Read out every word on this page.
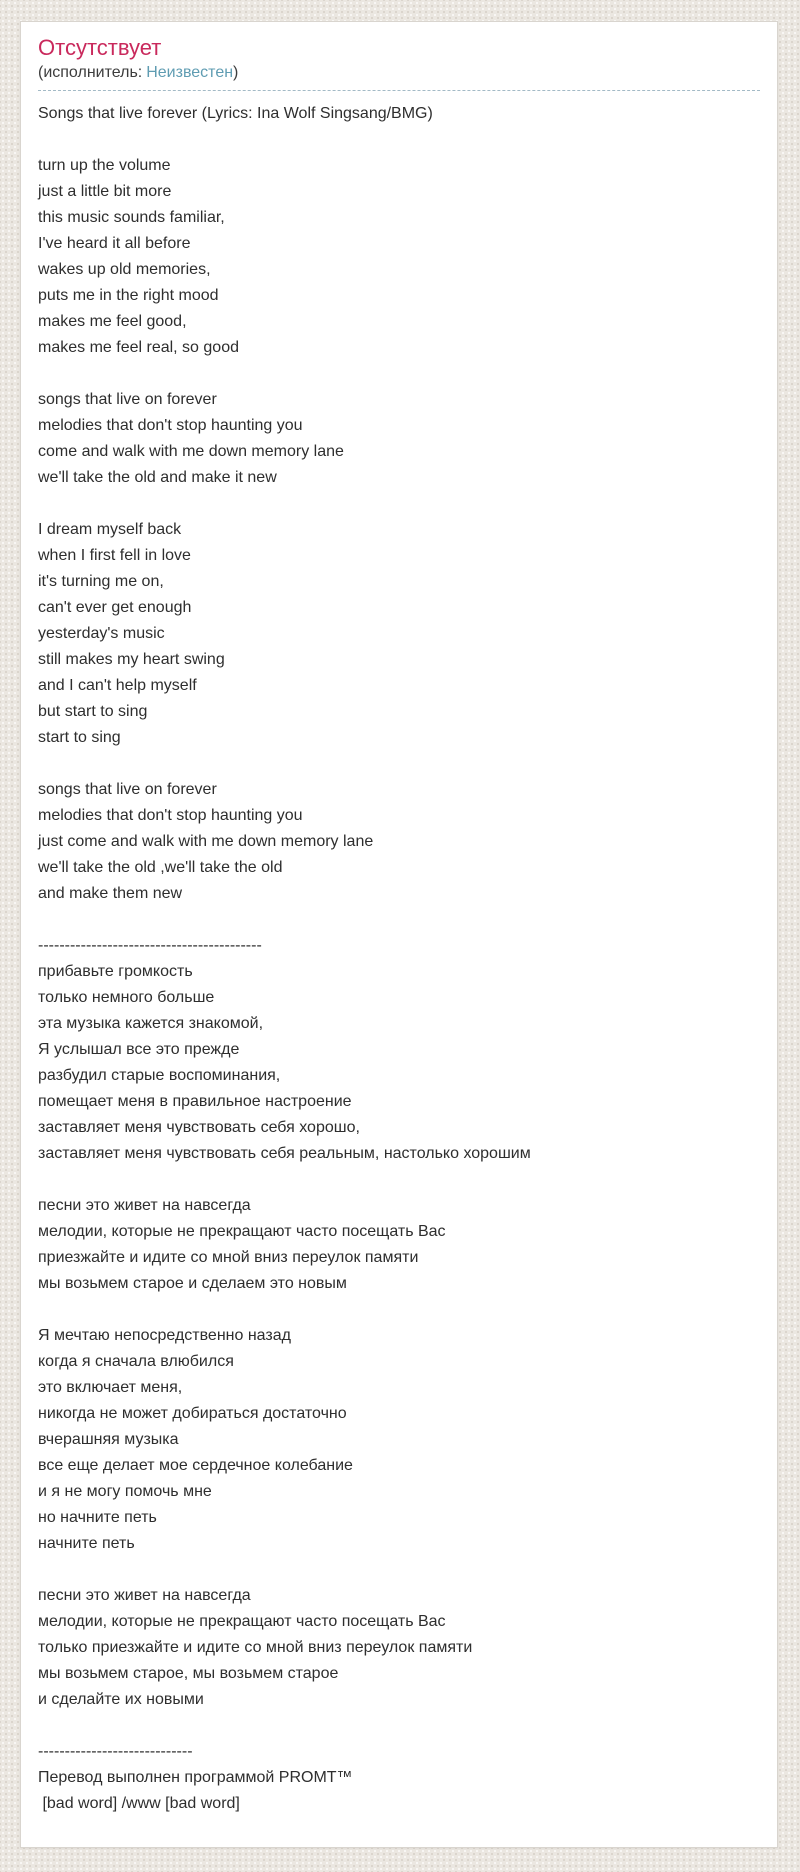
Отсутствует
(исполнитель: Неизвестен)
Songs that live forever (Lyrics: Ina Wolf Singsang/BMG)
turn up the volume
just a little bit more
this music sounds familiar,
I've heard it all before
wakes up old memories,
puts me in the right mood
makes me feel good,
makes me feel real, so good
songs that live on forever
melodies that don't stop haunting you
come and walk with me down memory lane
we'll take the old and make it new
I dream myself back
when I first fell in love
it's turning me on,
can't ever get enough
yesterday's music
still makes my heart swing
and I can't help myself
but start to sing
start to sing
songs that live on forever
melodies that don't stop haunting you
just come and walk with me down memory lane
we'll take the old ,we'll take the old
and make them new
------------------------------------------
прибавьте громкость
только немного больше
эта музыка кажется знакомой,
Я услышал все это прежде
разбудил старые воспоминания,
помещает меня в правильное настроение
заставляет меня чувствовать себя хорошо,
заставляет меня чувствовать себя реальным, настолько хорошим
песни это живет на навсегда
мелодии, которые не прекращают часто посещать Вас
приезжайте и идите со мной вниз переулок памяти
мы возьмем старое и сделаем это новым
Я мечтаю непосредственно назад
когда я сначала влюбился
это включает меня,
никогда не может добираться достаточно
вчерашняя музыка
все еще делает мое сердечное колебание
и я не могу помочь мне
но начните петь
начните петь
песни это живет на навсегда
мелодии, которые не прекращают часто посещать Вас
только приезжайте и идите со мной вниз переулок памяти
мы возьмем старое, мы возьмем старое
и сделайте их новыми
-----------------------------
Перевод выполнен программой PROMT™
[bad word] /www [bad word]
